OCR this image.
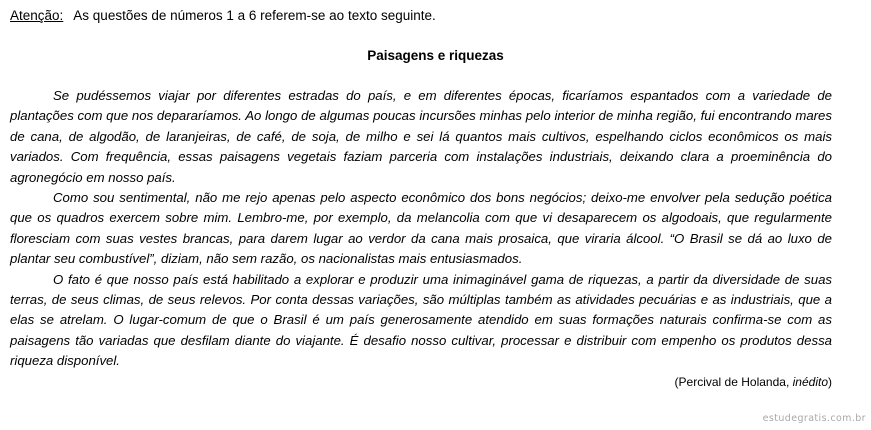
Atenção: As questões de números 1 a 6 referem-se ao texto seguinte.
Paisagens e riquezas

Se pudéssemos viajar por diferentes estradas do país, e em diferentes épocas, ficaríamos espantados com a variedade de plantações com que nos depararíamos. Ao longo de algumas poucas incursões minhas pelo interior de minha região, fui encontrando mares de cana, de algodão, de laranjeiras, de café, de soja, de milho e sei lá quantos mais cultivos, espelhando ciclos econômicos os mais variados. Com frequência, essas paisagens vegetais faziam parceria com instalações industriais, deixando clara a proeminência do agronegócio em nosso país.

Como sou sentimental, não me rejo apenas pelo aspecto econômico dos bons negócios; deixo-me envolver pela sedução poética que os quadros exercem sobre mim. Lembro-me, por exemplo, da melancolia com que vi desaparecem os algodoais, que regularmente floresciam com suas vestes brancas, para darem lugar ao verdor da cana mais prosaica, que viraria álcool. “O Brasil se dá ao luxo de plantar seu combustível”, diziam, não sem razão, os nacionalistas mais entusiasmados.

O fato é que nosso país está habilitado a explorar e produzir uma inimaginável gama de riquezas, a partir da diversidade de suas terras, de seus climas, de seus relevos. Por conta dessas variações, são múltiplas também as atividades pecuárias e as industriais, que a elas se atrelam. O lugar-comum de que o Brasil é um país generosamente atendido em suas formações naturais confirma-se com as paisagens tão variadas que desfilam diante do viajante. É desafio nosso cultivar, processar e distribuir com empenho os produtos dessa riqueza disponível.

(Percival de Holanda, inédito)
estudegratis.com.br
